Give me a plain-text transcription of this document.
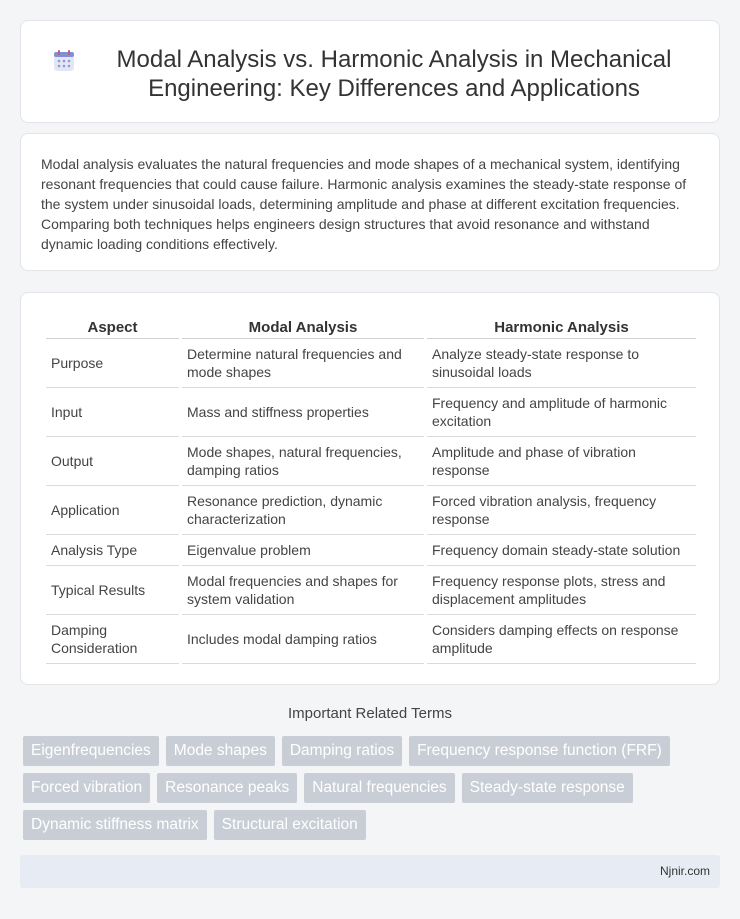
Modal Analysis vs. Harmonic Analysis in Mechanical Engineering: Key Differences and Applications

Modal analysis evaluates the natural frequencies and mode shapes of a mechanical system, identifying resonant frequencies that could cause failure. Harmonic analysis examines the steady-state response of the system under sinusoidal loads, determining amplitude and phase at different excitation frequencies. Comparing both techniques helps engineers design structures that avoid resonance and withstand dynamic loading conditions effectively.

Aspect	Modal Analysis	Harmonic Analysis
Purpose	Determine natural frequencies and mode shapes	Analyze steady-state response to sinusoidal loads
Input	Mass and stiffness properties	Frequency and amplitude of harmonic excitation
Output	Mode shapes, natural frequencies, damping ratios	Amplitude and phase of vibration response
Application	Resonance prediction, dynamic characterization	Forced vibration analysis, frequency response
Analysis Type	Eigenvalue problem	Frequency domain steady-state solution
Typical Results	Modal frequencies and shapes for system validation	Frequency response plots, stress and displacement amplitudes
Damping Consideration	Includes modal damping ratios	Considers damping effects on response amplitude
Important Related Terms
Eigenfrequencies	Mode shapes	Damping ratios	Frequency response function (FRF)
Forced vibration	Resonance peaks	Natural frequencies	Steady-state response
Dynamic stiffness matrix	Structural excitation
Njnir.com
